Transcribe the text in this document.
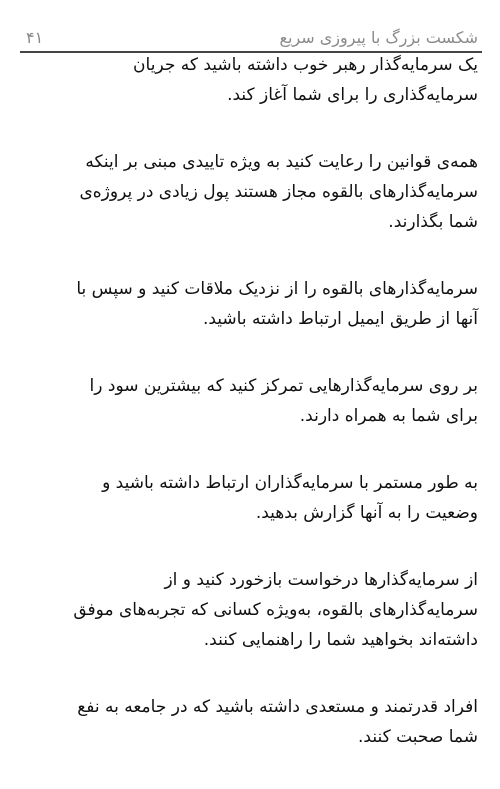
شکست بزرگ با پیروزی سریع
۴۱

یک سرمایه‌گذار رهبر خوب داشته باشید که جریان
سرمایه‌گذاری را برای شما آغاز کند.

همه‌ی قوانین را رعایت کنید به ویژه تاییدی مبنی بر اینکه
سرمایه‌گذارهای بالقوه مجاز هستند پول زیادی در پروژه‌ی
شما بگذارند.

سرمایه‌گذارهای بالقوه را از نزدیک ملاقات کنید و سپس با
آنها از طریق ایمیل ارتباط داشته باشید.

بر روی سرمایه‌گذارهایی تمرکز کنید که بیشترین سود را
برای شما به همراه دارند.

به طور مستمر با سرمایه‌گذاران ارتباط داشته باشید و
وضعیت را به آنها گزارش بدهید.

از سرمایه‌گذارها درخواست بازخورد کنید و از
سرمایه‌گذارهای بالقوه، به‌ویژه کسانی که تجربه‌های موفق
داشته‌اند بخواهید شما را راهنمایی کنند.

افراد قدرتمند و مستعدی داشته باشید که در جامعه به نفع
شما صحبت کنند.
